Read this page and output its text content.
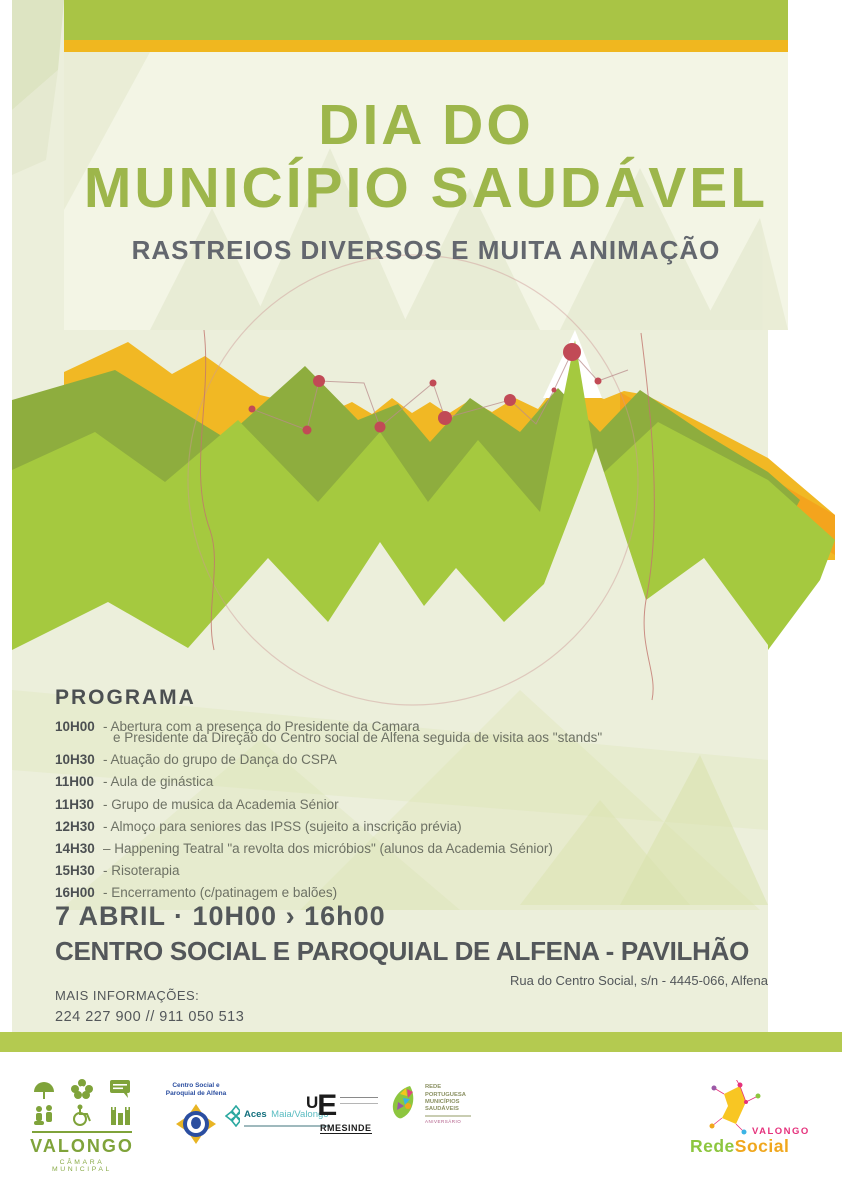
DIA DO
MUNICÍPIO SAUDÁVEL
RASTREIOS DIVERSOS E MUITA ANIMAÇÃO
PROGRAMA
10H00 - Abertura com a presença do Presidente da Camara
e Presidente da Direção do Centro social de Alfena seguida de visita aos "stands"
10H30 - Atuação do grupo de Dança do CSPA
11H00 - Aula de ginástica
11H30 - Grupo de musica da Academia Sénior
12H30 - Almoço para seniores das IPSS (sujeito a inscrição prévia)
14H30 – Happening Teatral "a revolta dos micróbios" (alunos da Academia Sénior)
15H30 - Risoterapia
16H00 - Encerramento (c/patinagem e balões)
7 ABRIL · 10H00 › 16h00
CENTRO SOCIAL E PAROQUIAL DE ALFENA - PAVILHÃO
Rua do Centro Social, s/n - 4445-066, Alfena
MAIS INFORMAÇÕES:
224 227 900 // 911 050 513
VALONGO
CÂMARA MUNICIPAL
Centro Social e
Paroquial de Alfena
Aces Maia/Valongo
U E
RMESINDE
REDE
PORTUGUESA
MUNICÍPIOS
SAUDÁVEIS
ANIVERSÁRIO
VALONGO
RedeSocial
